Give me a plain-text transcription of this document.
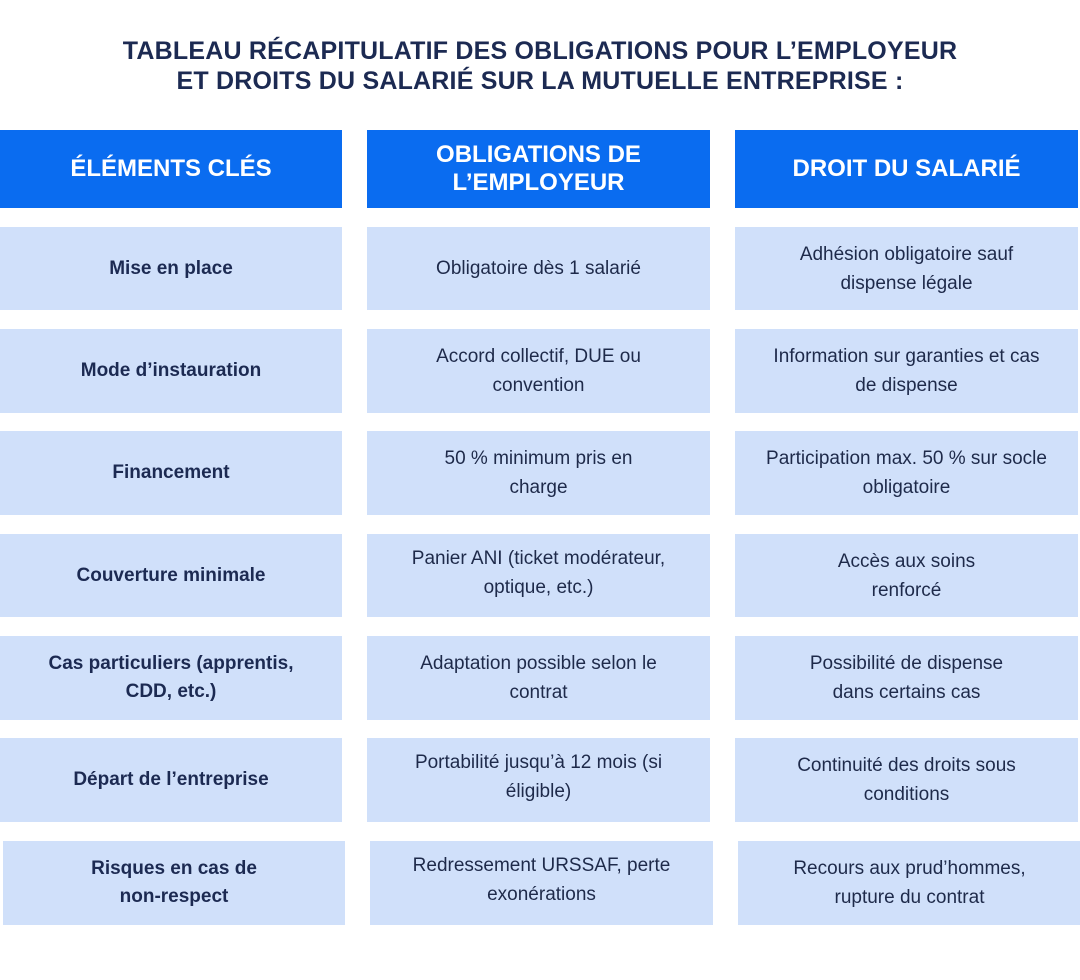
TABLEAU RÉCAPITULATIF DES OBLIGATIONS POUR L’EMPLOYEUR
ET DROITS DU SALARIÉ SUR LA MUTUELLE ENTREPRISE :
ÉLÉMENTS CLÉS
OBLIGATIONS DE L’EMPLOYEUR
DROIT DU SALARIÉ
Mise en place	Obligatoire dès 1 salarié
Adhésion obligatoire sauf dispense légale
Mode d’instauration
Accord collectif, DUE ou convention
Information sur garanties et cas de dispense
Financement
50 % minimum pris en charge
Participation max. 50 % sur socle obligatoire
Couverture minimale
Panier ANI (ticket modérateur, optique, etc.)
Accès aux soins renforcé
Cas particuliers (apprentis, CDD, etc.)
Adaptation possible selon le contrat
Possibilité de dispense dans certains cas
Départ de l’entreprise
Portabilité jusqu’à 12 mois (si éligible)
Continuité des droits sous conditions
Risques en cas de non-respect
Redressement URSSAF, perte exonérations
Recours aux prud’hommes, rupture du contrat
